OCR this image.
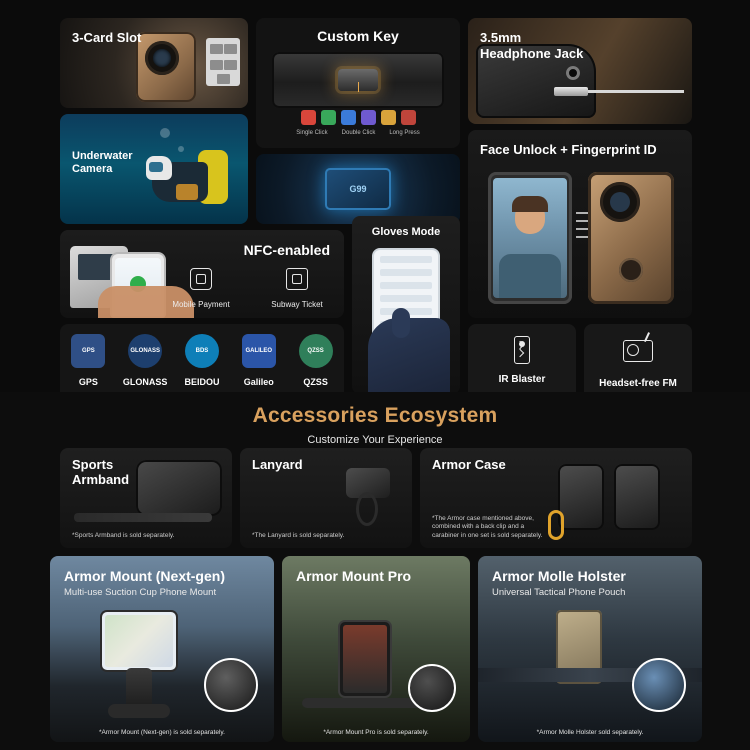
3-Card Slot
Underwater
Camera
Custom Key
Single Click Double Click Long Press
G99
3.5mm
Headphone Jack
Face Unlock + Fingerprint ID
NFC-enabled
Mobile Payment	Subway Ticket
Gloves Mode
GPS
GPS
GLONASS
GLONASS
BDS
BEIDOU
GALILEO
Galileo
QZSS
QZSS	IR Blaster	Headset-free FM
Accessories Ecosystem

Customize Your Experience

Sports
Armband
*Sports Armband is sold separately.
Lanyard
*The Lanyard is sold separately.
Armor Case
*The Armor case mentioned above,
combined with a back clip and a
carabiner in one set is sold separately.
Armor Mount (Next-gen)
Multi-use Suction Cup Phone Mount
*Armor Mount (Next-gen) is sold separately.
Armor Mount Pro
*Armor Mount Pro is sold separately.
Armor Molle Holster
Universal Tactical Phone Pouch
*Armor Molle Holster sold separately.
